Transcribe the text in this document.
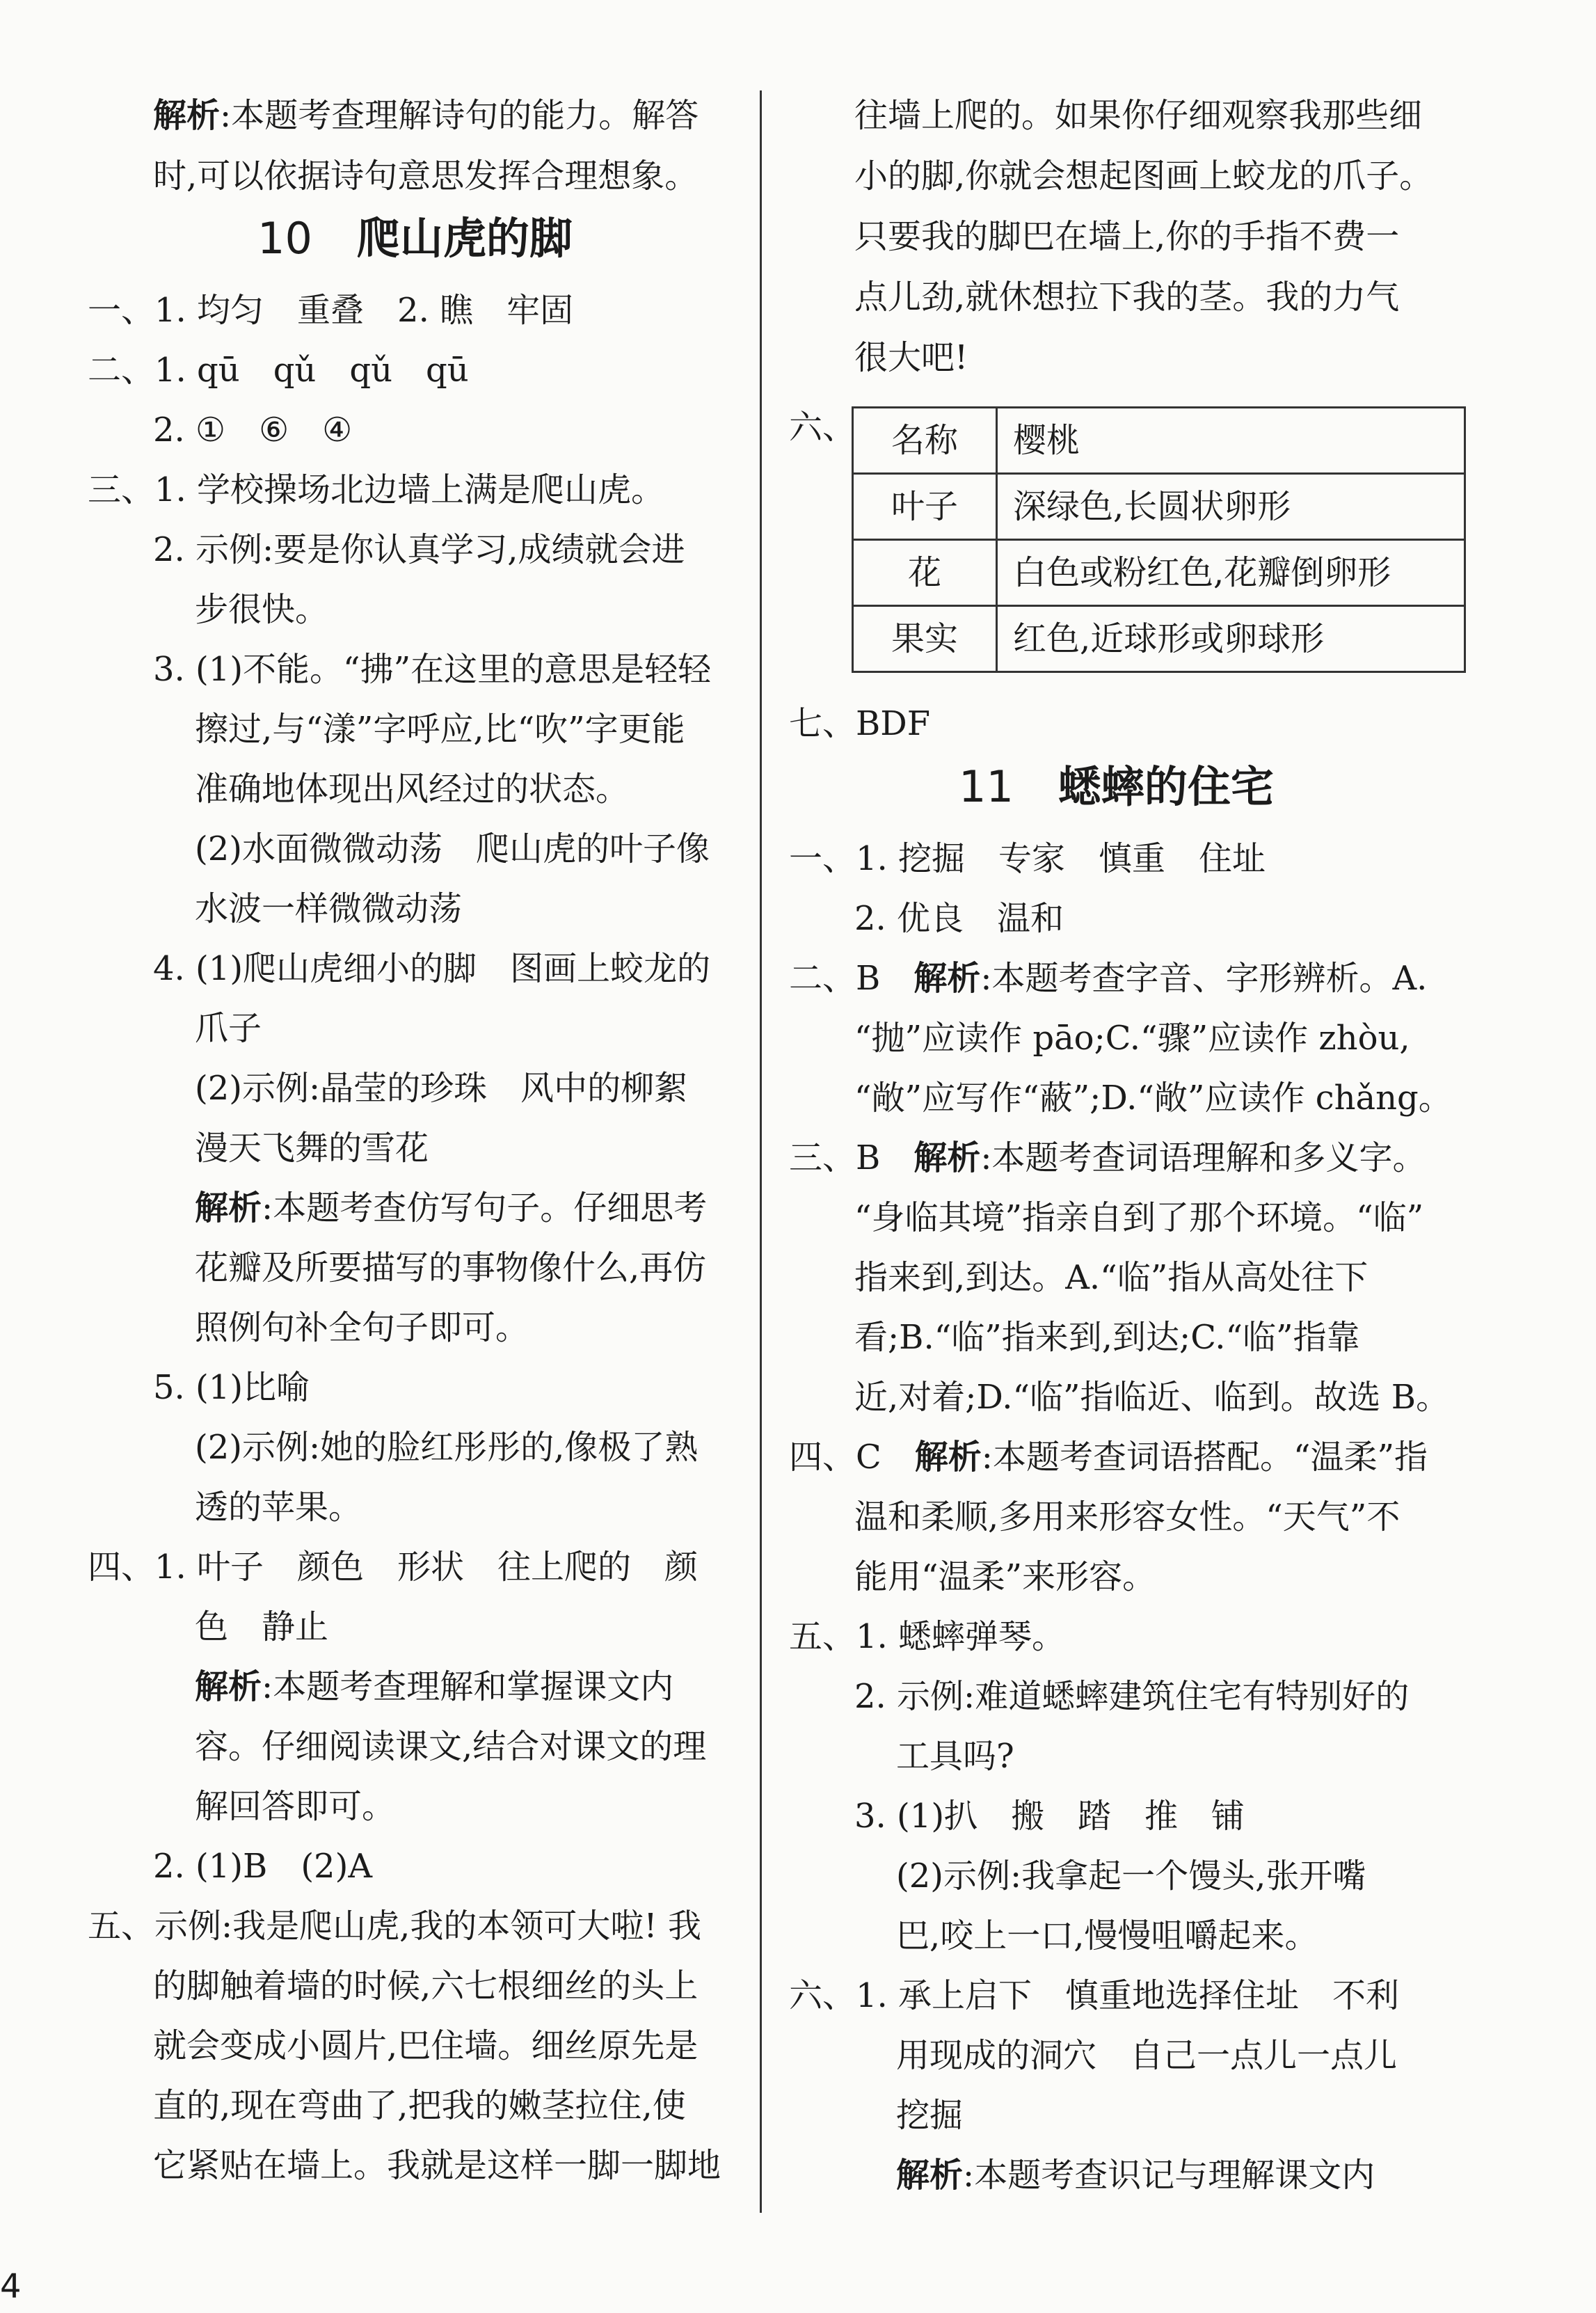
解析:本题考查理解诗句的能力。解答
时,可以依据诗句意思发挥合理想象。
10 爬山虎的脚
一、1. 均匀　重叠　2. 瞧　牢固
二、1. qū　qǔ　qǔ　qū
2. ①　⑥　④
三、1. 学校操场北边墙上满是爬山虎。
2. 示例:要是你认真学习,成绩就会进
步很快。
3. (1)不能。“拂”在这里的意思是轻轻
擦过,与“漾”字呼应,比“吹”字更能
准确地体现出风经过的状态。
(2)水面微微动荡　爬山虎的叶子像
水波一样微微动荡
4. (1)爬山虎细小的脚　图画上蛟龙的
爪子
(2)示例:晶莹的珍珠　风中的柳絮
漫天飞舞的雪花
解析:本题考查仿写句子。仔细思考
花瓣及所要描写的事物像什么,再仿
照例句补全句子即可。
5. (1)比喻
(2)示例:她的脸红彤彤的,像极了熟
透的苹果。
四、1. 叶子　颜色　形状　往上爬的　颜
色　静止
解析:本题考查理解和掌握课文内
容。仔细阅读课文,结合对课文的理
解回答即可。
2. (1)B　(2)A
五、示例:我是爬山虎,我的本领可大啦! 我
的脚触着墙的时候,六七根细丝的头上
就会变成小圆片,巴住墙。细丝原先是
直的,现在弯曲了,把我的嫩茎拉住,使
它紧贴在墙上。我就是这样一脚一脚地
往墙上爬的。如果你仔细观察我那些细
小的脚,你就会想起图画上蛟龙的爪子。
只要我的脚巴在墙上,你的手指不费一
点儿劲,就休想拉下我的茎。我的力气
很大吧!
六、 名称	樱桃
叶子	深绿色,长圆状卵形
花	白色或粉红色,花瓣倒卵形
果实	红色,近球形或卵球形
七、BDF
11 蟋蟀的住宅
一、1. 挖掘　专家　慎重　住址
2. 优良　温和
二、B　 解析:本题考查字音、字形辨析。A.
“抛”应读作 pāo;C.“骤”应读作 zhòu,
“敞”应写作“蔽”;D.“敞”应读作 chǎng。
三、B　 解析:本题考查词语理解和多义字。
“身临其境”指亲自到了那个环境。“临”
指来到,到达。A.“临”指从高处往下
看;B.“临”指来到,到达;C.“临”指靠
近,对着;D.“临”指临近、临到。故选 B。
四、C　 解析:本题考查词语搭配。“温柔”指
温和柔顺,多用来形容女性。“天气”不
能用“温柔”来形容。
五、1. 蟋蟀弹琴。
2. 示例:难道蟋蟀建筑住宅有特别好的
工具吗?
3. (1)扒　搬　踏　推　铺
(2)示例:我拿起一个馒头,张开嘴
巴,咬上一口,慢慢咀嚼起来。
六、1. 承上启下　慎重地选择住址　不利
用现成的洞穴　自己一点儿一点儿
挖掘
解析:本题考查识记与理解课文内
4
